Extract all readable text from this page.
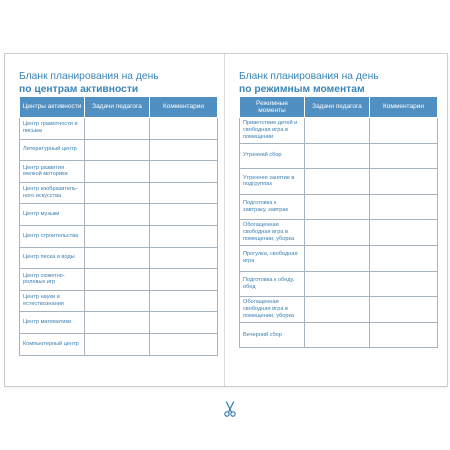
Бланк планирования на день
по центрам активности
Центры активности	Задачи педагога	Комментарии
Центр грамотности и письма		
Литературный центр		
Центр развития мелкой моторики		
Центр изобразитель-ного искусства		
Центр музыки		
Центр строительства		
Центр песка и воды		
Центр сюжетно-ролевых игр		
Центр науки и естествознания		
Центр математики		
Компьютерный центр		
Бланк планирования на день
по режимным моментам
Режимные моменты	Задачи педагога	Комментарии
Приветствие детей и свободная игра в помещении		
Утренний сбор		
Утреннее занятие в подгруппах		
Подготовка к завтраку, завтрак		
Обогащенная свободная игра в помещении, уборка		
Прогулка, свободная игра		
Подготовка к обеду, обед		
Обогащенная свободная игра в помещении, уборка		
Вечерний сбор		
